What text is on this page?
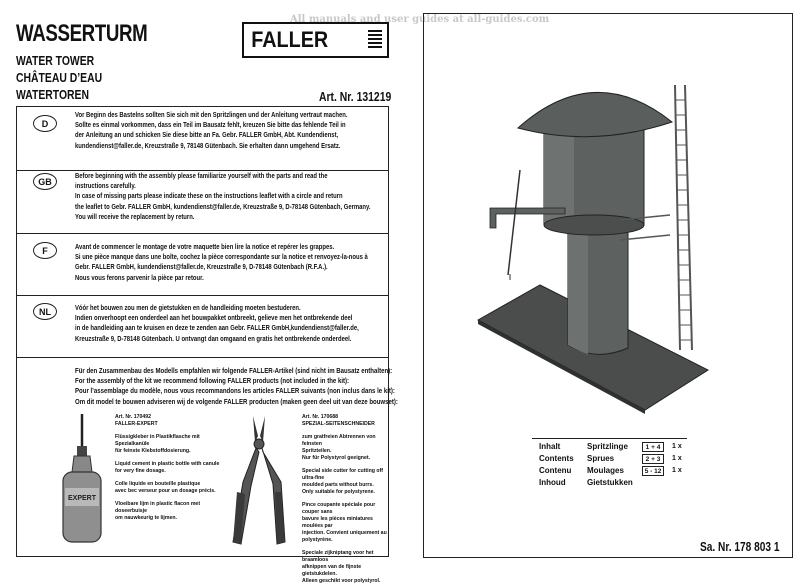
All manuals and user guides at all-guides.com
WASSERTURM
WATER TOWER
CHÂTEAU D’EAU
WATERTOREN
FALLER
Art. Nr. 131219
D
GB
F
NL
Vor Beginn des Bastelns sollten Sie sich mit den Spritzlingen und der Anleitung vertraut machen.
Sollte es einmal vorkommen, dass ein Teil im Bausatz fehlt, kreuzen Sie bitte das fehlende Teil in
der Anleitung an und schicken Sie diese bitte an Fa. Gebr. FALLER GmbH, Abt. Kundendienst,
kundendienst@faller.de, Kreuzstraße 9, 78148 Gütenbach. Sie erhalten dann umgehend Ersatz.
Before beginning with the assembly please familiarize yourself with the parts and read the
instructions carefully.
In case of missing parts please indicate these on the instructions leaflet with a circle and return
the leaflet to Gebr. FALLER GmbH, kundendienst@faller.de, Kreuzstraße 9, D-78148 Gütenbach, Germany.
You will receive the replacement by return.
Avant de commencer le montage de votre maquette bien lire la notice et repérer les grappes.
Si une pièce manque dans une boîte, cochez la pièce correspondante sur la notice et renvoyez-la-nous à
Gebr. FALLER GmbH, kundendienst@faller.de, Kreuzstraße 9, D-78148 Gütenbach (R.F.A.).
Nous vous ferons parvenir la pièce par retour.
Vóór het bouwen zou men de gietstukken en de handleiding moeten bestuderen.
Indien onverhoopt een onderdeel aan het bouwpakket ontbreekt, gelieve men het ontbrekende deel
in de handleiding aan te kruisen en deze te zenden aan Gebr. FALLER GmbH,kundendienst@faller.de,
Kreuzstraße 9, D-78148 Gütenbach. U ontvangt dan omgaand en gratis het ontbrekende onderdeel.
Für den Zusammenbau des Modells empfahlen wir folgende FALLER-Artikel (sind nicht im Bausatz enthalten):
For the assembly of the kit we recommend following FALLER products (not included in the kit):
Pour l’assemblage du modèle, nous vous recommandons les articles FALLER suivants (non inclus dans le kit):
Om dit model te bouwen adviseren wij de volgende FALLER producten (maken geen deel uit van deze bouwset):
EXPERT
Art. Nr. 170492
FALLER-EXPERT
Flüssigkleber in Plastikflasche mit Spezialkanüle
für feinste Klebstoffdosierung.
Liquid cement in plastic bottle with canule
for very fine dosage.
Colle liquide en bouteille plastique
avec bec verseur pour un dosage précis.
Vloeibare lijm in plastic flacon met doseerbuisje
om nauwkeurig te lijmen.
Art. Nr. 170688
SPEZIAL-SEITENSCHNEIDER
zum gratfreien Abtrennen von feinsten
Spritzteilen.
Nur für Polystyrol geeignet.
Special side cutter for cutting off ultra-fine
moulded parts without burrs.
Only suitable for polystyrene.
Pince coupante spéciale pour couper sans
bavure les pièces miniatures moulées par
injection. Convient uniquement au polystyrène.
Speciale zijkniptang voor het braamloos
afknippen van de fijnste gietstukdelen.
Alleen geschikt voor polystyrol.
Inhalt	Spritzlinge	1 + 4	1 x
Contents	Sprues	2 + 3	1 x
Contenu	Moulages	5 - 12	1 x
Inhoud	Gietstukken
Sa. Nr. 178 803 1
